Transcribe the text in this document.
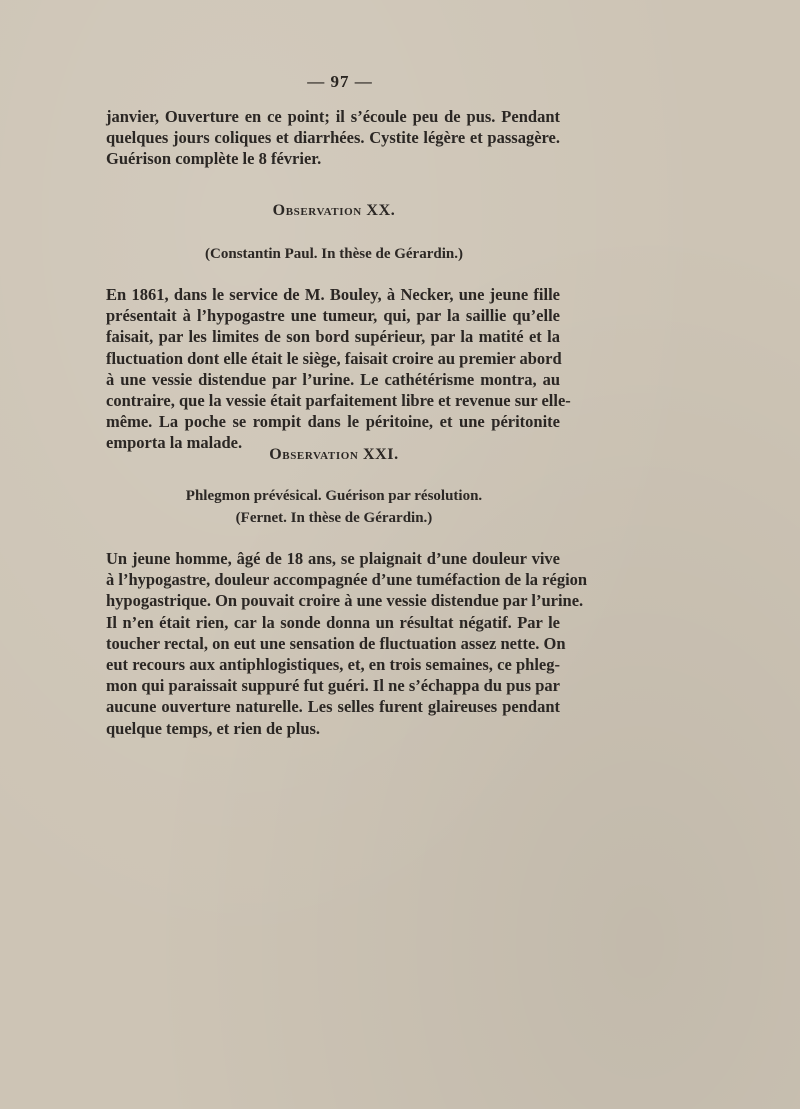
— 97 —
janvier, Ouverture en ce point; il s’écoule peu de pus. Pendant
quelques jours coliques et diarrhées. Cystite légère et passagère.
Guérison complète le 8 février.
Observation XX.
(Constantin Paul. In thèse de Gérardin.)
En 1861, dans le service de M. Bouley, à Necker, une jeune fille
présentait à l’hypogastre une tumeur, qui, par la saillie qu’elle
faisait, par les limites de son bord supérieur, par la matité et la
fluctuation dont elle était le siège, faisait croire au premier abord
à une vessie distendue par l’urine. Le cathétérisme montra, au
contraire, que la vessie était parfaitement libre et revenue sur elle-
même. La poche se rompit dans le péritoine, et une péritonite
emporta la malade.
Observation XXI.
Phlegmon prévésical. Guérison par résolution.
(Fernet. In thèse de Gérardin.)
Un jeune homme, âgé de 18 ans, se plaignait d’une douleur vive
à l’hypogastre, douleur accompagnée d’une tuméfaction de la région
hypogastrique. On pouvait croire à une vessie distendue par l’urine.
Il n’en était rien, car la sonde donna un résultat négatif. Par le
toucher rectal, on eut une sensation de fluctuation assez nette. On
eut recours aux antiphlogistiques, et, en trois semaines, ce phleg-
mon qui paraissait suppuré fut guéri. Il ne s’échappa du pus par
aucune ouverture naturelle. Les selles furent glaireuses pendant
quelque temps, et rien de plus.
